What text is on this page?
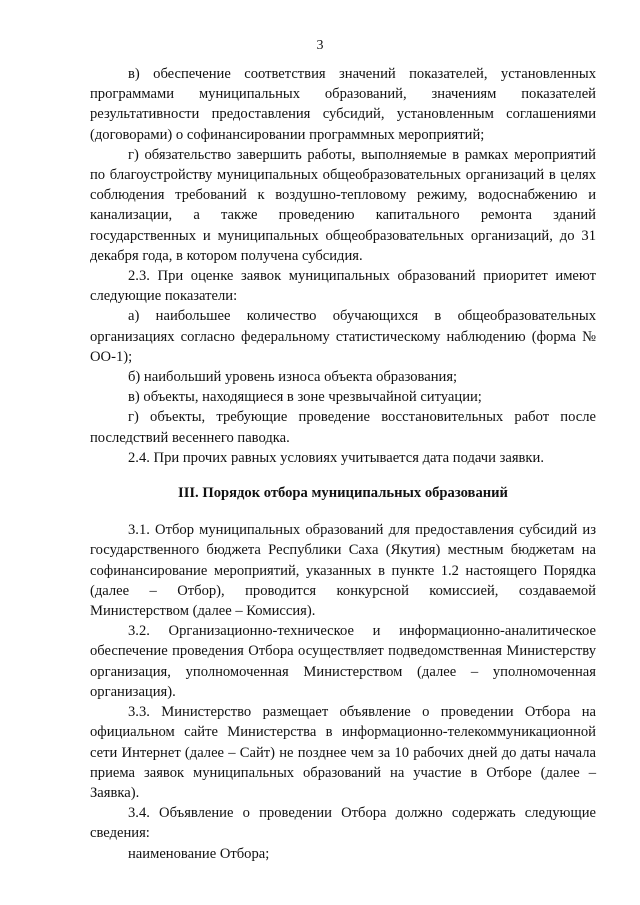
3

в) обеспечение соответствия значений показателей, установленных программами муниципальных образований, значениям показателей результативности предоставления субсидий, установленным соглашениями (договорами) о софинансировании программных мероприятий;

г) обязательство завершить работы, выполняемые в рамках мероприятий по благоустройству муниципальных общеобразовательных организаций в целях соблюдения требований к воздушно-тепловому режиму, водоснабжению и канализации, а также проведению капитального ремонта зданий государственных и муниципальных общеобразовательных организаций, до 31 декабря года, в котором получена субсидия.

2.3. При оценке заявок муниципальных образований приоритет имеют следующие показатели:

а) наибольшее количество обучающихся в общеобразовательных организациях согласно федеральному статистическому наблюдению (форма № ОО-1);

б) наибольший уровень износа объекта образования;

в) объекты, находящиеся в зоне чрезвычайной ситуации;

г) объекты, требующие проведение восстановительных работ после последствий весеннего паводка.

2.4. При прочих равных условиях учитывается дата подачи заявки.

III. Порядок отбора муниципальных образований

3.1. Отбор муниципальных образований для предоставления субсидий из государственного бюджета Республики Саха (Якутия) местным бюджетам на софинансирование мероприятий, указанных в пункте 1.2 настоящего Порядка (далее – Отбор), проводится конкурсной комиссией, создаваемой Министерством (далее – Комиссия).

3.2. Организационно-техническое и информационно-аналитическое обеспечение проведения Отбора осуществляет подведомственная Министерству организация, уполномоченная Министерством (далее – уполномоченная организация).

3.3. Министерство размещает объявление о проведении Отбора на официальном сайте Министерства в информационно-телекоммуникационной сети Интернет (далее – Сайт) не позднее чем за 10 рабочих дней до даты начала приема заявок муниципальных образований на участие в Отборе (далее – Заявка).

3.4. Объявление о проведении Отбора должно содержать следующие сведения:

наименование Отбора;
